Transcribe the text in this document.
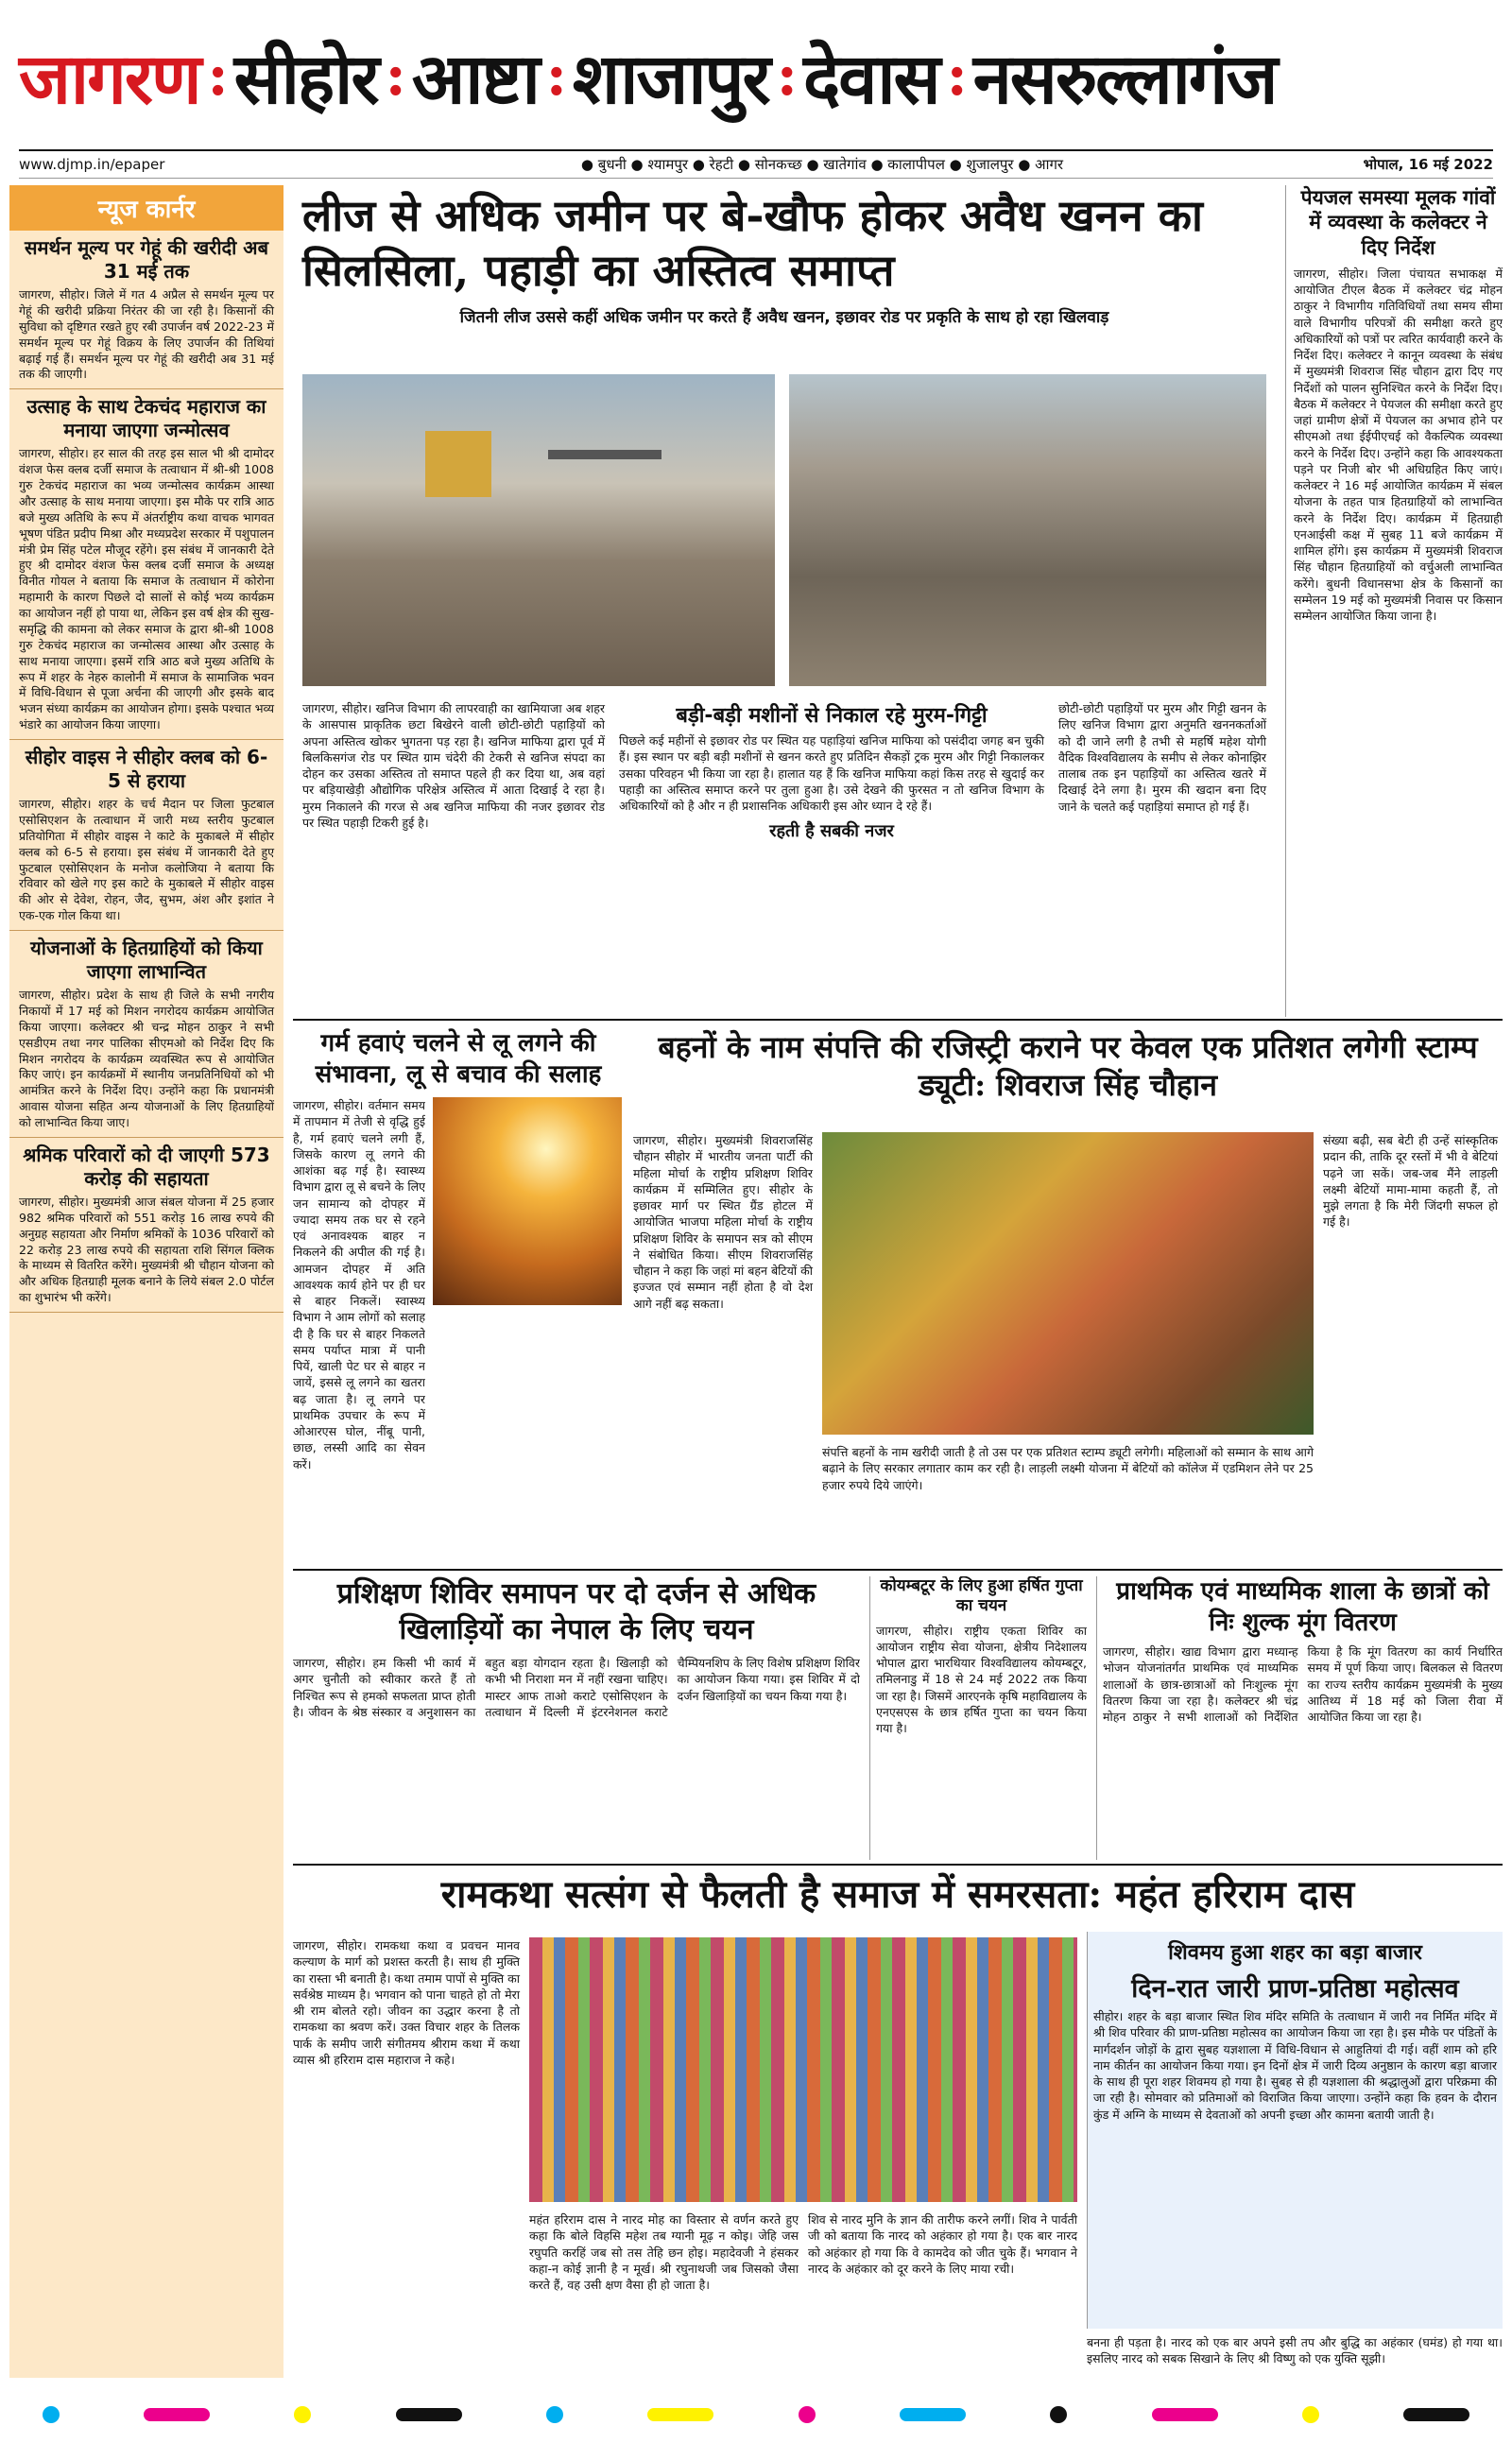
जागरण : सीहोर : आष्टा : शाजापुर : देवास : नसरुल्लागंज
www.djmp.in/epaper	● बुधनी ● श्यामपुर ● रेहटी ● सोनकच्छ ● खातेगांव ● कालापीपल ● शुजालपुर ● आगर	भोपाल, 16 मई 2022
न्यूज कार्नर
समर्थन मूल्य पर गेहूं की खरीदी अब 31 मई तक
जागरण, सीहोर। जिले में गत 4 अप्रैल से समर्थन मूल्य पर गेहूं की खरीदी प्रक्रिया निरंतर की जा रही है। किसानों की सुविधा को दृष्टिगत रखते हुए रबी उपार्जन वर्ष 2022-23 में समर्थन मूल्य पर गेहूं विक्रय के लिए उपार्जन की तिथियां बढ़ाई गई हैं। समर्थन मूल्य पर गेहूं की खरीदी अब 31 मई तक की जाएगी।
उत्साह के साथ टेकचंद महाराज का मनाया जाएगा जन्मोत्सव
जागरण, सीहोर। हर साल की तरह इस साल भी श्री दामोदर वंशज फेस क्लब दर्जी समाज के तत्वाधान में श्री-श्री 1008 गुरु टेकचंद महाराज का भव्य जन्मोत्सव कार्यक्रम आस्था और उत्साह के साथ मनाया जाएगा। इस मौके पर रात्रि आठ बजे मुख्य अतिथि के रूप में अंतर्राष्ट्रीय कथा वाचक भागवत भूषण पंडित प्रदीप मिश्रा और मध्यप्रदेश सरकार में पशुपालन मंत्री प्रेम सिंह पटेल मौजूद रहेंगे। इस संबंध में जानकारी देते हुए श्री दामोदर वंशज फेस क्लब दर्जी समाज के अध्यक्ष विनीत गोयल ने बताया कि समाज के तत्वाधान में कोरोना महामारी के कारण पिछले दो सालों से कोई भव्य कार्यक्रम का आयोजन नहीं हो पाया था, लेकिन इस वर्ष क्षेत्र की सुख-समृद्धि की कामना को लेकर समाज के द्वारा श्री-श्री 1008 गुरु टेकचंद महाराज का जन्मोत्सव आस्था और उत्साह के साथ मनाया जाएगा। इसमें रात्रि आठ बजे मुख्य अतिथि के रूप में शहर के नेहरु कालोनी में समाज के सामाजिक भवन में विधि-विधान से पूजा अर्चना की जाएगी और इसके बाद भजन संध्या कार्यक्रम का आयोजन होगा। इसके पश्चात भव्य भंडारे का आयोजन किया जाएगा।
सीहोर वाइस ने सीहोर क्लब को 6-5 से हराया
जागरण, सीहोर। शहर के चर्च मैदान पर जिला फुटबाल एसोसिएशन के तत्वाधान में जारी मध्य स्तरीय फुटबाल प्रतियोगिता में सीहोर वाइस ने काटे के मुकाबले में सीहोर क्लब को 6-5 से हराया। इस संबंध में जानकारी देते हुए फुटबाल एसोसिएशन के मनोज कलोजिया ने बताया कि रविवार को खेले गए इस काटे के मुकाबले में सीहोर वाइस की ओर से देवेश, रोहन, जैद, सुभम, अंश और इशांत ने एक-एक गोल किया था।
योजनाओं के हितग्राहियों को किया जाएगा लाभान्वित
जागरण, सीहोर। प्रदेश के साथ ही जिले के सभी नगरीय निकायों में 17 मई को मिशन नगरोदय कार्यक्रम आयोजित किया जाएगा। कलेक्टर श्री चन्द्र मोहन ठाकुर ने सभी एसडीएम तथा नगर पालिका सीएमओ को निर्देश दिए कि मिशन नगरोदय के कार्यक्रम व्यवस्थित रूप से आयोजित किए जाएं। इन कार्यक्रमों में स्थानीय जनप्रतिनिधियों को भी आमंत्रित करने के निर्देश दिए। उन्होंने कहा कि प्रधानमंत्री आवास योजना सहित अन्य योजनाओं के लिए हितग्राहियों को लाभान्वित किया जाए।
श्रमिक परिवारों को दी जाएगी 573 करोड़ की सहायता
जागरण, सीहोर। मुख्यमंत्री आज संबल योजना में 25 हजार 982 श्रमिक परिवारों को 551 करोड़ 16 लाख रुपये की अनुग्रह सहायता और निर्माण श्रमिकों के 1036 परिवारों को 22 करोड़ 23 लाख रुपये की सहायता राशि सिंगल क्लिक के माध्यम से वितरित करेंगे। मुख्यमंत्री श्री चौहान योजना को और अधिक हितग्राही मूलक बनाने के लिये संबल 2.0 पोर्टल का शुभारंभ भी करेंगे।
लीज से अधिक जमीन पर बे-खौफ होकर अवैध खनन का सिलसिला, पहाड़ी का अस्तित्व समाप्त
जितनी लीज उससे कहीं अधिक जमीन पर करते हैं अवैध खनन, इछावर रोड पर प्रकृति के साथ हो रहा खिलवाड़
जागरण, सीहोर। खनिज विभाग की लापरवाही का खामियाजा अब शहर के आसपास प्राकृतिक छटा बिखेरने वाली छोटी-छोटी पहाड़ियों को अपना अस्तित्व खोकर भुगतना पड़ रहा है। खनिज माफिया द्वारा पूर्व में बिलकिसगंज रोड पर स्थित ग्राम चंदेरी की टेकरी से खनिज संपदा का दोहन कर उसका अस्तित्व तो समाप्त पहले ही कर दिया था, अब वहां पर बड़ियाखेड़ी औद्योगिक परिक्षेत्र अस्तित्व में आता दिखाई दे रहा है। मुरम निकालने की गरज से अब खनिज माफिया की नजर इछावर रोड पर स्थित पहाड़ी टिकरी हुई है।
बड़ी-बड़ी मशीनों से निकाल रहे मुरम-गिट्टी
पिछले कई महीनों से इछावर रोड पर स्थित यह पहाड़ियां खनिज माफिया को पसंदीदा जगह बन चुकी हैं। इस स्थान पर बड़ी बड़ी मशीनों से खनन करते हुए प्रतिदिन सैकड़ों ट्रक मुरम और गिट्टी निकालकर उसका परिवहन भी किया जा रहा है। हालात यह हैं कि खनिज माफिया कहां किस तरह से खुदाई कर पहाड़ी का अस्तित्व समाप्त करने पर तुला हुआ है। उसे देखने की फुरसत न तो खनिज विभाग के अधिकारियों को है और न ही प्रशासनिक अधिकारी इस ओर ध्यान दे रहे हैं।
रहती है सबकी नजर
छोटी-छोटी पहाड़ियों पर मुरम और गिट्टी खनन के लिए खनिज विभाग द्वारा अनुमति खननकर्ताओं को दी जाने लगी है तभी से महर्षि महेश योगी वैदिक विश्वविद्यालय के समीप से लेकर कोनाझिर तालाब तक इन पहाड़ियों का अस्तित्व खतरे में दिखाई देने लगा है। मुरम की खदान बना दिए जाने के चलते कई पहाड़ियां समाप्त हो गई हैं।
पेयजल समस्या मूलक गांवों में व्यवस्था के कलेक्टर ने दिए निर्देश
जागरण, सीहोर। जिला पंचायत सभाकक्ष में आयोजित टीएल बैठक में कलेक्टर चंद्र मोहन ठाकुर ने विभागीय गतिविधियों तथा समय सीमा वाले विभागीय परिपत्रों की समीक्षा करते हुए अधिकारियों को पत्रों पर त्वरित कार्यवाही करने के निर्देश दिए। कलेक्टर ने कानून व्यवस्था के संबंध में मुख्यमंत्री शिवराज सिंह चौहान द्वारा दिए गए निर्देशों को पालन सुनिश्चित करने के निर्देश दिए। बैठक में कलेक्टर ने पेयजल की समीक्षा करते हुए जहां ग्रामीण क्षेत्रों में पेयजल का अभाव होने पर सीएमओ तथा ईईपीएचई को वैकल्पिक व्यवस्था करने के निर्देश दिए। उन्होंने कहा कि आवश्यकता पड़ने पर निजी बोर भी अधिग्रहित किए जाएं। कलेक्टर ने 16 मई आयोजित कार्यक्रम में संबल योजना के तहत पात्र हितग्राहियों को लाभान्वित करने के निर्देश दिए। कार्यक्रम में हितग्राही एनआईसी कक्ष में सुबह 11 बजे कार्यक्रम में शामिल होंगे। इस कार्यक्रम में मुख्यमंत्री शिवराज सिंह चौहान हितग्राहियों को वर्चुअली लाभान्वित करेंगे। बुधनी विधानसभा क्षेत्र के किसानों का सम्मेलन 19 मई को मुख्यमंत्री निवास पर किसान सम्मेलन आयोजित किया जाना है।
गर्म हवाएं चलने से लू लगने की संभावना, लू से बचाव की सलाह
जागरण, सीहोर। वर्तमान समय में तापमान में तेजी से वृद्धि हुई है, गर्म हवाएं चलने लगी हैं, जिसके कारण लू लगने की आशंका बढ़ गई है। स्वास्थ्य विभाग द्वारा लू से बचने के लिए जन सामान्य को दोपहर में ज्यादा समय तक घर से रहने एवं अनावश्यक बाहर न निकलने की अपील की गई है। आमजन दोपहर में अति आवश्यक कार्य होने पर ही घर से बाहर निकलें। स्वास्थ्य विभाग ने आम लोगों को सलाह दी है कि घर से बाहर निकलते समय पर्याप्त मात्रा में पानी पियें, खाली पेट घर से बाहर न जायें, इससे लू लगने का खतरा बढ़ जाता है। लू लगने पर प्राथमिक उपचार के रूप में ओआरएस घोल, नींबू पानी, छाछ, लस्सी आदि का सेवन करें।
बहनों के नाम संपत्ति की रजिस्ट्री कराने पर केवल एक प्रतिशत लगेगी स्टाम्प ड्यूटी: शिवराज सिंह चौहान
जागरण, सीहोर। मुख्यमंत्री शिवराजसिंह चौहान सीहोर में भारतीय जनता पार्टी की महिला मोर्चा के राष्ट्रीय प्रशिक्षण शिविर कार्यक्रम में सम्मिलित हुए। सीहोर के इछावर मार्ग पर स्थित ग्रैंड होटल में आयोजित भाजपा महिला मोर्चा के राष्ट्रीय प्रशिक्षण शिविर के समापन सत्र को सीएम ने संबोधित किया। सीएम शिवराजसिंह चौहान ने कहा कि जहां मां बहन बेटियों की इज्जत एवं सम्मान नहीं होता है वो देश आगे नहीं बढ़ सकता।
संपत्ति बहनों के नाम खरीदी जाती है तो उस पर एक प्रतिशत स्टाम्प ड्यूटी लगेगी। महिलाओं को सम्मान के साथ आगे बढ़ाने के लिए सरकार लगातार काम कर रही है। लाड़ली लक्ष्मी योजना में बेटियों को कॉलेज में एडमिशन लेने पर 25 हजार रुपये दिये जाएंगे।
संख्या बढ़ी, सब बेटी ही उन्हें सांस्कृतिक प्रदान की, ताकि दूर रस्तों में भी वे बेटियां पढ़ने जा सकें। जब-जब मैंने लाड़ली लक्ष्मी बेटियों मामा-मामा कहती हैं, तो मुझे लगता है कि मेरी जिंदगी सफल हो गई है।
प्रशिक्षण शिविर समापन पर दो दर्जन से अधिक खिलाड़ियों का नेपाल के लिए चयन
जागरण, सीहोर। हम किसी भी कार्य में अगर चुनौती को स्वीकार करते हैं तो निश्चित रूप से हमको सफलता प्राप्त होती है। जीवन के श्रेष्ठ संस्कार व अनुशासन का बहुत बड़ा योगदान रहता है। खिलाड़ी को कभी भी निराशा मन में नहीं रखना चाहिए। मास्टर आफ ताओ कराटे एसोसिएशन के तत्वाधान में दिल्ली में इंटरनेशनल कराटे चैम्पियनशिप के लिए विशेष प्रशिक्षण शिविर का आयोजन किया गया। इस शिविर में दो दर्जन खिलाड़ियों का चयन किया गया है।
कोयम्बटूर के लिए हुआ हर्षित गुप्ता का चयन
जागरण, सीहोर। राष्ट्रीय एकता शिविर का आयोजन राष्ट्रीय सेवा योजना, क्षेत्रीय निदेशालय भोपाल द्वारा भारथियार विश्वविद्यालय कोयम्बटूर, तमिलनाडु में 18 से 24 मई 2022 तक किया जा रहा है। जिसमें आरएनके कृषि महाविद्यालय के एनएसएस के छात्र हर्षित गुप्ता का चयन किया गया है।
प्राथमिक एवं माध्यमिक शाला के छात्रों को निः शुल्क मूंग वितरण
जागरण, सीहोर। खाद्य विभाग द्वारा मध्यान्ह भोजन योजनांतर्गत प्राथमिक एवं माध्यमिक शालाओं के छात्र-छात्राओं को निःशुल्क मूंग वितरण किया जा रहा है। कलेक्टर श्री चंद्र मोहन ठाकुर ने सभी शालाओं को निर्देशित किया है कि मूंग वितरण का कार्य निर्धारित समय में पूर्ण किया जाए। बिलकल से वितरण का राज्य स्तरीय कार्यक्रम मुख्यमंत्री के मुख्य आतिथ्य में 18 मई को जिला रीवा में आयोजित किया जा रहा है।
रामकथा सत्संग से फैलती है समाज में समरसता: महंत हरिराम दास
जागरण, सीहोर। रामकथा कथा व प्रवचन मानव कल्याण के मार्ग को प्रशस्त करती है। साथ ही मुक्ति का रास्ता भी बनाती है। कथा तमाम पापों से मुक्ति का सर्वश्रेष्ठ माध्यम है। भगवान को पाना चाहते हो तो मेरा श्री राम बोलते रहो। जीवन का उद्धार करना है तो रामकथा का श्रवण करें। उक्त विचार शहर के तिलक पार्क के समीप जारी संगीतमय श्रीराम कथा में कथा व्यास श्री हरिराम दास महाराज ने कहे।
महंत हरिराम दास ने नारद मोह का विस्तार से वर्णन करते हुए कहा कि बोले विहसि महेश तब ग्यानी मूढ़ न कोइ। जेहि जस रघुपति करहिं जब सो तस तेहि छन होइ। महादेवजी ने हंसकर कहा-न कोई ज्ञानी है न मूर्ख। श्री रघुनाथजी जब जिसको जैसा करते हैं, वह उसी क्षण वैसा ही हो जाता है।
शिव से नारद मुनि के ज्ञान की तारीफ करने लगीं। शिव ने पार्वती जी को बताया कि नारद को अहंकार हो गया है। एक बार नारद को अहंकार हो गया कि वे कामदेव को जीत चुके हैं। भगवान ने नारद के अहंकार को दूर करने के लिए माया रची।
शिवमय हुआ शहर का बड़ा बाजार
दिन-रात जारी प्राण-प्रतिष्ठा महोत्सव
सीहोर। शहर के बड़ा बाजार स्थित शिव मंदिर समिति के तत्वाधान में जारी नव निर्मित मंदिर में श्री शिव परिवार की प्राण-प्रतिष्ठा महोत्सव का आयोजन किया जा रहा है। इस मौके पर पंडितों के मार्गदर्शन जोड़ों के द्वारा सुबह यज्ञशाला में विधि-विधान से आहुतियां दी गई। वहीं शाम को हरि नाम कीर्तन का आयोजन किया गया। इन दिनों क्षेत्र में जारी दिव्य अनुष्ठान के कारण बड़ा बाजार के साथ ही पूरा शहर शिवमय हो गया है। सुबह से ही यज्ञशाला की श्रद्धालुओं द्वारा परिक्रमा की जा रही है। सोमवार को प्रतिमाओं को विराजित किया जाएगा। उन्होंने कहा कि हवन के दौरान कुंड में अग्नि के माध्यम से देवताओं को अपनी इच्छा और कामना बतायी जाती है।
बनना ही पड़ता है। नारद को एक बार अपने इसी तप और बुद्धि का अहंकार (घमंड) हो गया था। इसलिए नारद को सबक सिखाने के लिए श्री विष्णु को एक युक्ति सूझी।
